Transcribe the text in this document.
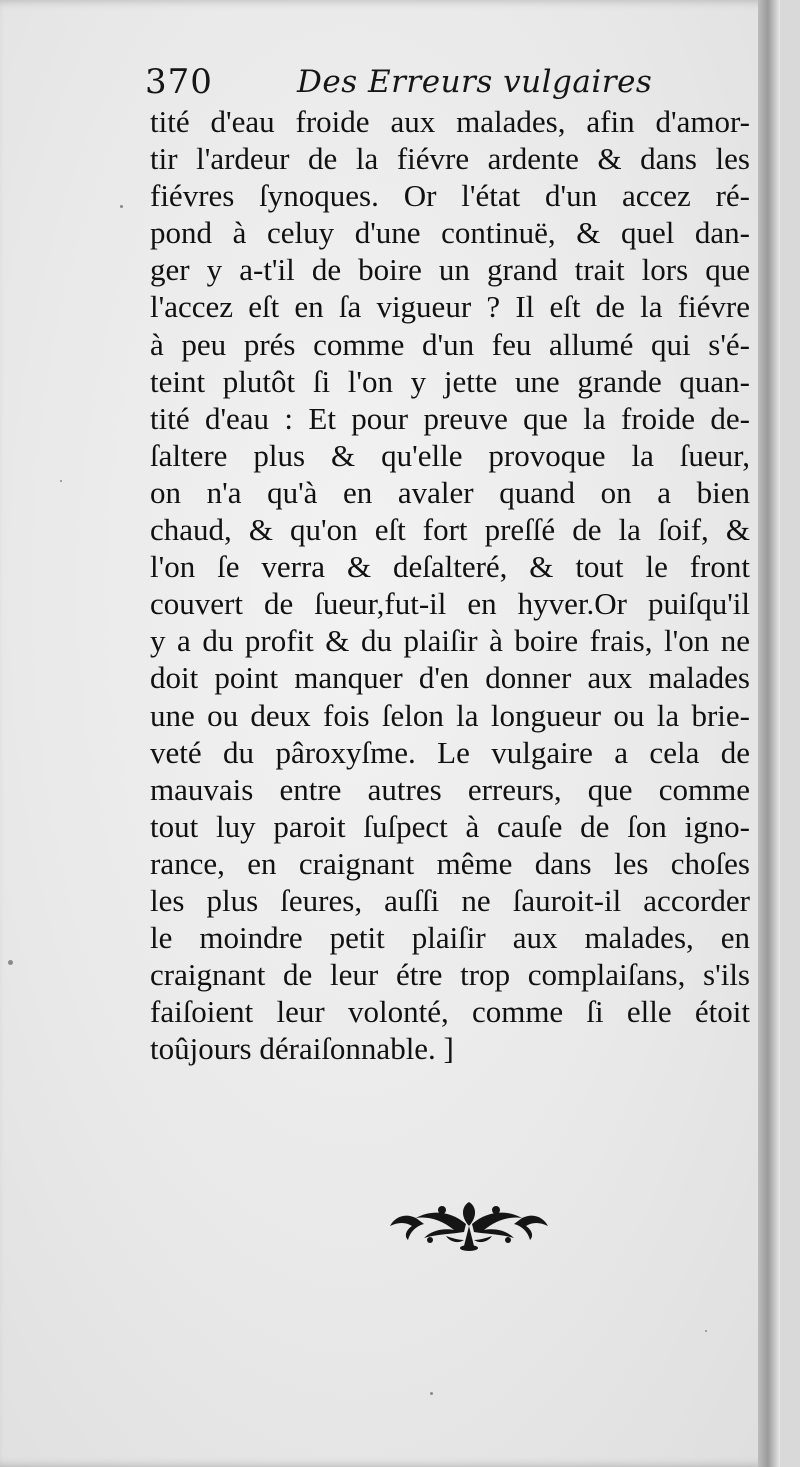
370	Des Erreurs vulgaires
tité d'eau froide aux malades, afin d'amor-
tir l'ardeur de la fiévre ardente & dans les
fiévres ſynoques. Or l'état d'un accez ré-
pond à celuy d'une continuë, & quel dan-
ger y a-t'il de boire un grand trait lors que
l'accez eſt en ſa vigueur ? Il eſt de la fiévre
à peu prés comme d'un feu allumé qui s'é-
teint plutôt ſi l'on y jette une grande quan-
tité d'eau : Et pour preuve que la froide de-
ſaltere plus & qu'elle provoque la ſueur,
on n'a qu'à en avaler quand on a bien
chaud, & qu'on eſt fort preſſé de la ſoif, &
l'on ſe verra & deſalteré, & tout le front
couvert de ſueur,fut-il en hyver.Or puiſqu'il
y a du profit & du plaiſir à boire frais, l'on ne
doit point manquer d'en donner aux malades
une ou deux fois ſelon la longueur ou la brie-
veté du pâroxyſme. Le vulgaire a cela de
mauvais entre autres erreurs, que comme
tout luy paroit ſuſpect à cauſe de ſon igno-
rance, en craignant même dans les choſes
les plus ſeures, auſſi ne ſauroit-il accorder
le moindre petit plaiſir aux malades, en
craignant de leur étre trop complaiſans, s'ils
faiſoient leur volonté, comme ſi elle étoit
toûjours déraiſonnable. ]
